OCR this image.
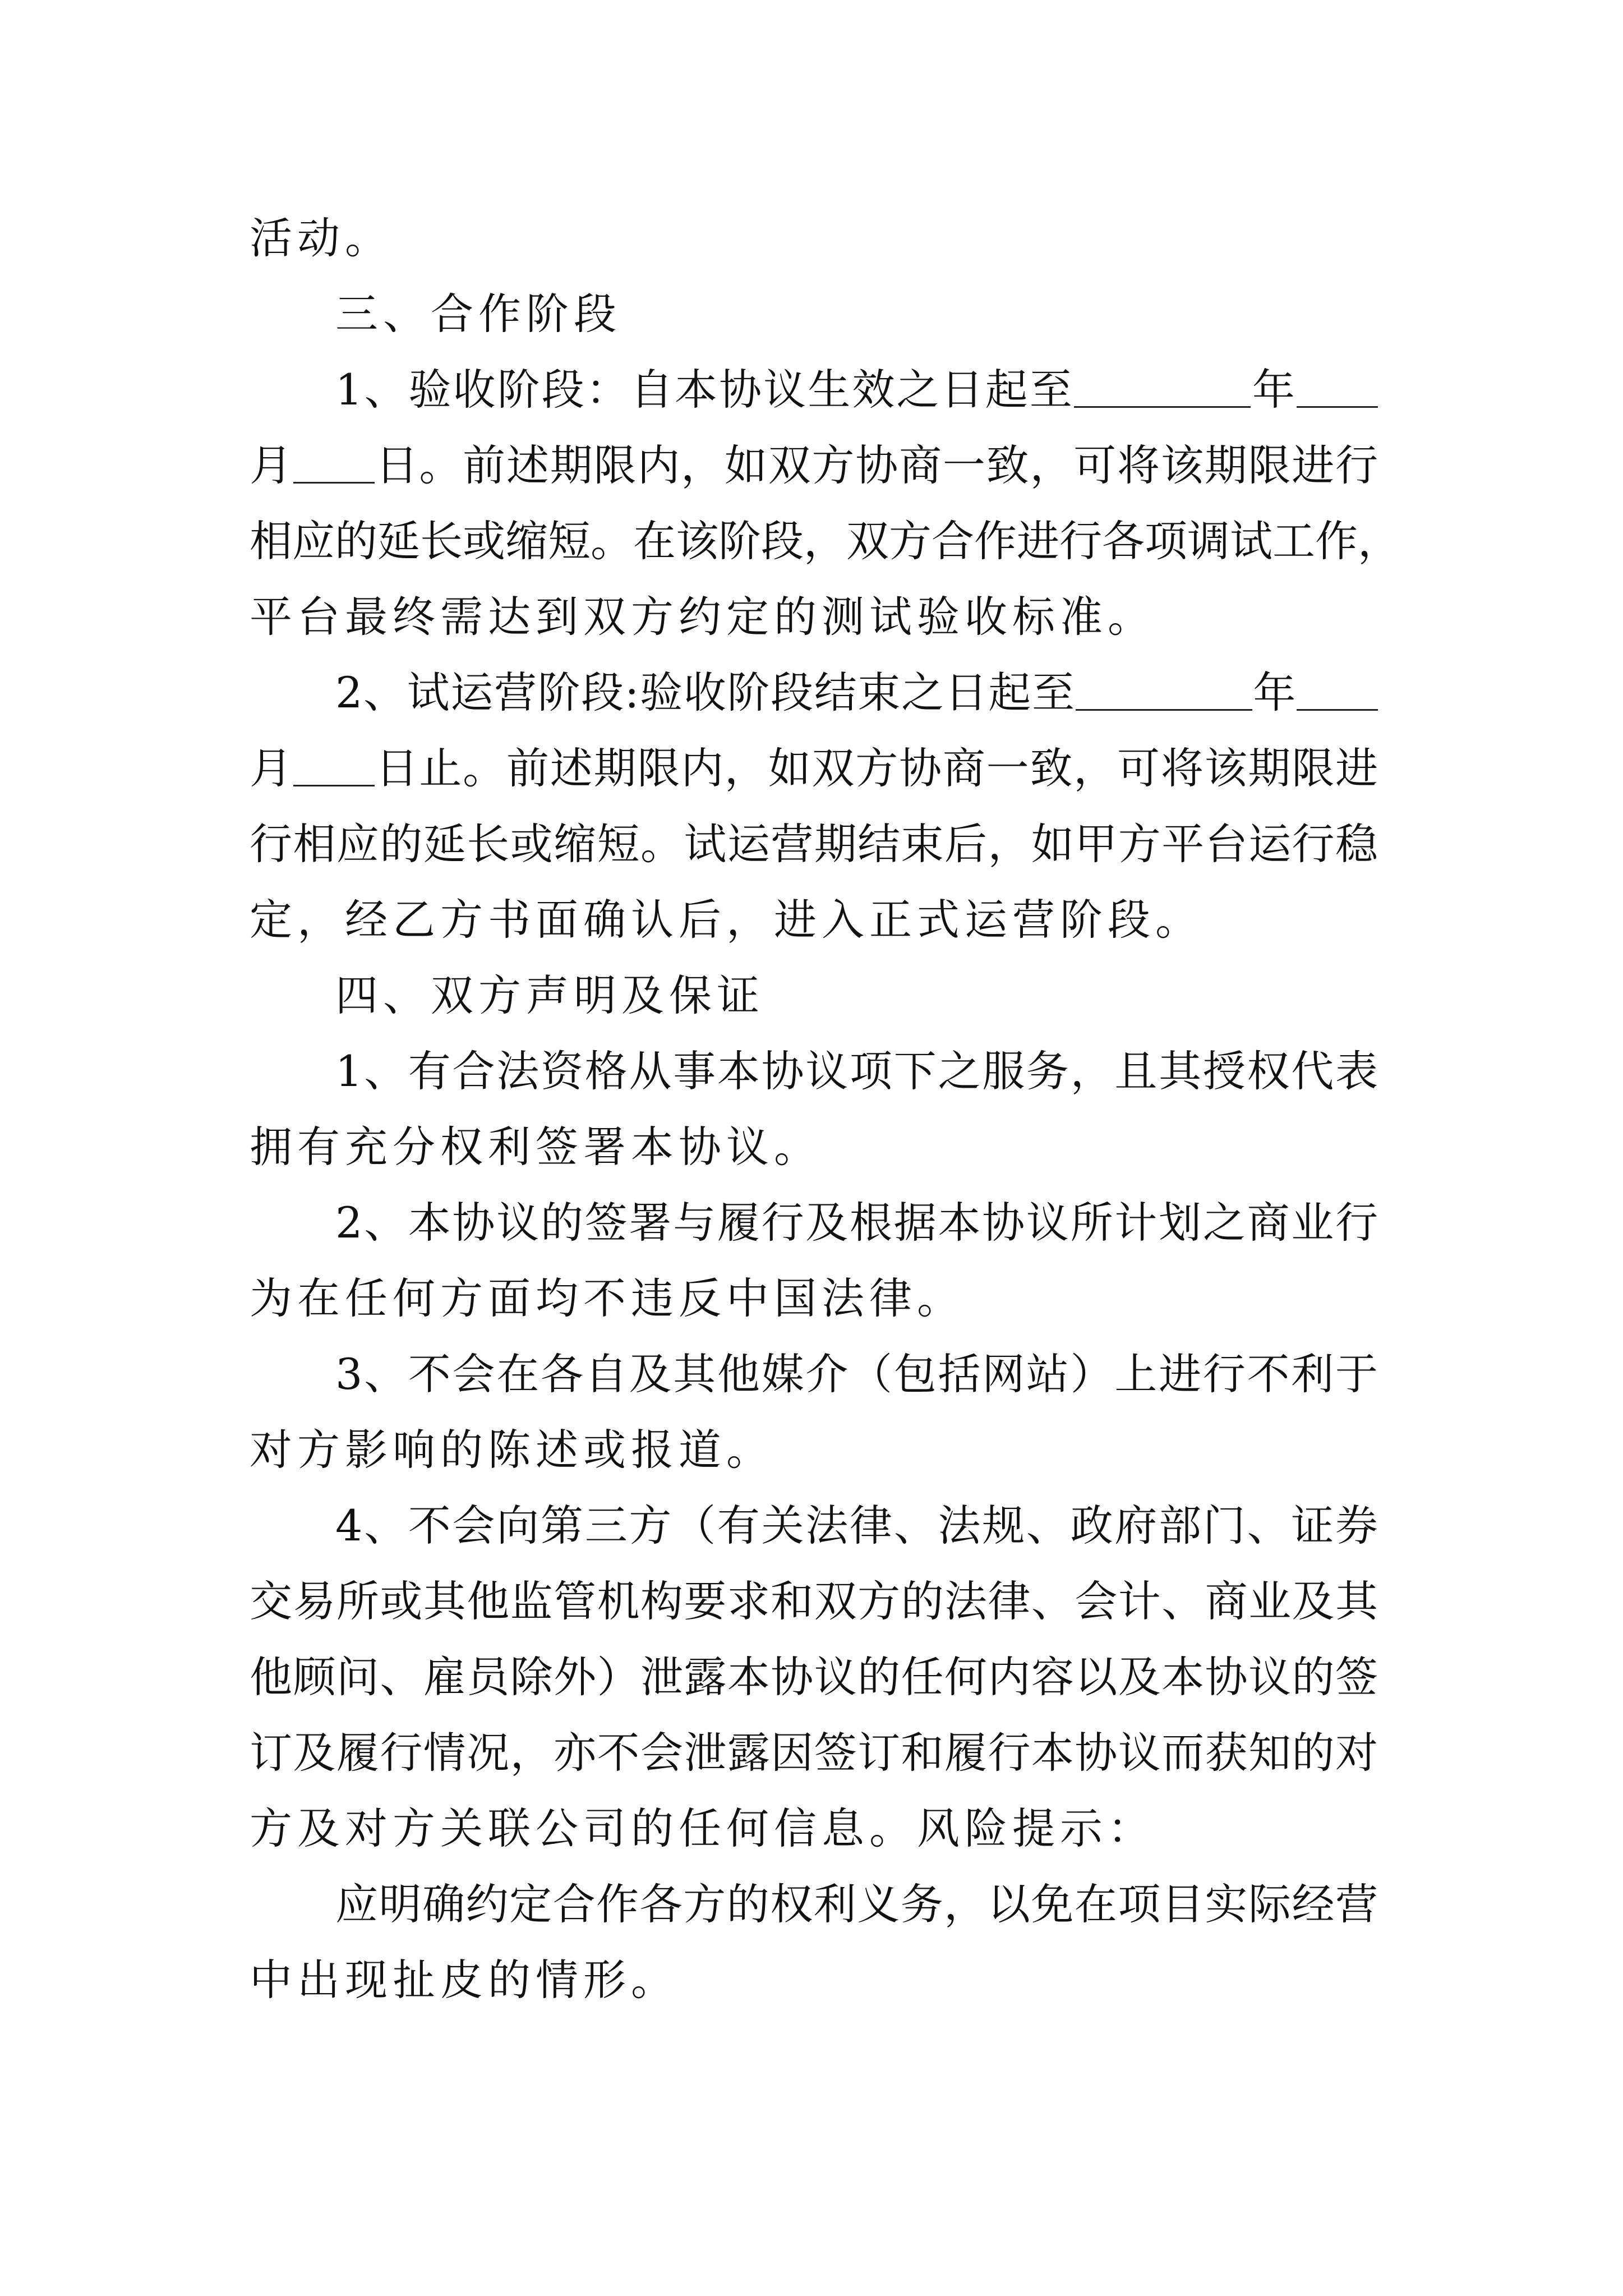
活动。
三、合作阶段
1、验收阶段：自本协议生效之日起至	年
月 日。前述期限内，如双方协商一致，可将该期限进行
相应的延长或缩短。在该阶段，双方合作进行各项调试工作，
平台最终需达到双方约定的测试验收标准。
2、试运营阶段:验收阶段结束之日起至	年
月 日止。前述期限内，如双方协商一致，可将该期限进
行相应的延长或缩短。试运营期结束后，如甲方平台运行稳
定，经乙方书面确认后，进入正式运营阶段。
四、双方声明及保证
1、有合法资格从事本协议项下之服务，且其授权代表
拥有充分权利签署本协议。
2、本协议的签署与履行及根据本协议所计划之商业行
为在任何方面均不违反中国法律。
3、不会在各自及其他媒介（包括网站）上进行不利于
对方影响的陈述或报道。
4、不会向第三方（有关法律、法规、政府部门、证券
交易所或其他监管机构要求和双方的法律、会计、商业及其
他顾问、雇员除外）泄露本协议的任何内容以及本协议的签
订及履行情况，亦不会泄露因签订和履行本协议而获知的对
方及对方关联公司的任何信息。风险提示：
应明确约定合作各方的权利义务，以免在项目实际经营
中出现扯皮的情形。
